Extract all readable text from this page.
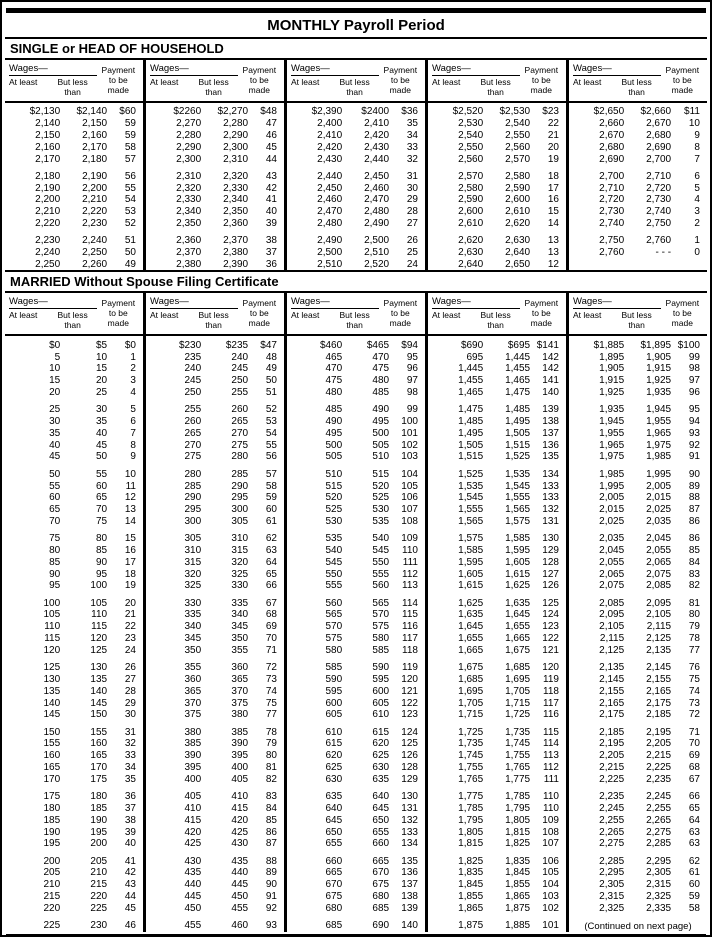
MONTHLY Payroll Period
SINGLE or HEAD OF HOUSEHOLD
Wages—
At least	But less
than
Payment
to be
made
$2,130	$2,140	$60
2,140	2,150	59
2,150	2,160	59
2,160	2,170	58
2,170	2,180	57
2,180	2,190	56
2,190	2,200	55
2,200	2,210	54
2,210	2,220	53
2,220	2,230	52
2,230	2,240	51
2,240	2,250	50
2,250	2,260	49
Wages—
At least	But less
than
Payment
to be
made
$2260	$2,270	$48
2,270	2,280	47
2,280	2,290	46
2,290	2,300	45
2,300	2,310	44
2,310	2,320	43
2,320	2,330	42
2,330	2,340	41
2,340	2,350	40
2,350	2,360	39
2,360	2,370	38
2,370	2,380	37
2,380	2,390	36
Wages—
At least	But less
than
Payment
to be
made
$2,390	$2400	$36
2,400	2,410	35
2,410	2,420	34
2,420	2,430	33
2,430	2,440	32
2,440	2,450	31
2,450	2,460	30
2,460	2,470	29
2,470	2,480	28
2,480	2,490	27
2,490	2,500	26
2,500	2,510	25
2,510	2,520	24
Wages—
At least	But less
than
Payment
to be
made
$2,520	$2,530	$23
2,530	2,540	22
2,540	2,550	21
2,550	2,560	20
2,560	2,570	19
2,570	2,580	18
2,580	2,590	17
2,590	2,600	16
2,600	2,610	15
2,610	2,620	14
2,620	2,630	13
2,630	2,640	13
2,640	2,650	12
Wages—
At least	But less
than
Payment
to be
made
$2,650	$2,660	$11
2,660	2,670	10
2,670	2,680	9
2,680	2,690	8
2,690	2,700	7
2,700	2,710	6
2,710	2,720	5
2,720	2,730	4
2,730	2,740	3
2,740	2,750	2
2,750	2,760	1
2,760	- - -	0
MARRIED Without Spouse Filing Certificate
Wages—
At least	But less
than
Payment
to be
made
$0	$5	$0
5	10	1
10	15	2
15	20	3
20	25	4
25	30	5
30	35	6
35	40	7
40	45	8
45	50	9
50	55	10
55	60	11
60	65	12
65	70	13
70	75	14
75	80	15
80	85	16
85	90	17
90	95	18
95	100	19
100	105	20
105	110	21
110	115	22
115	120	23
120	125	24
125	130	26
130	135	27
135	140	28
140	145	29
145	150	30
150	155	31
155	160	32
160	165	33
165	170	34
170	175	35
175	180	36
180	185	37
185	190	38
190	195	39
195	200	40
200	205	41
205	210	42
210	215	43
215	220	44
220	225	45
225	230	46
Wages—
At least	But less
than
Payment
to be
made
$230	$235	$47
235	240	48
240	245	49
245	250	50
250	255	51
255	260	52
260	265	53
265	270	54
270	275	55
275	280	56
280	285	57
285	290	58
290	295	59
295	300	60
300	305	61
305	310	62
310	315	63
315	320	64
320	325	65
325	330	66
330	335	67
335	340	68
340	345	69
345	350	70
350	355	71
355	360	72
360	365	73
365	370	74
370	375	75
375	380	77
380	385	78
385	390	79
390	395	80
395	400	81
400	405	82
405	410	83
410	415	84
415	420	85
420	425	86
425	430	87
430	435	88
435	440	89
440	445	90
445	450	91
450	455	92
455	460	93
Wages—
At least	But less
than
Payment
to be
made
$460	$465	$94
465	470	95
470	475	96
475	480	97
480	485	98
485	490	99
490	495	100
495	500	101
500	505	102
505	510	103
510	515	104
515	520	105
520	525	106
525	530	107
530	535	108
535	540	109
540	545	110
545	550	111
550	555	112
555	560	113
560	565	114
565	570	115
570	575	116
575	580	117
580	585	118
585	590	119
590	595	120
595	600	121
600	605	122
605	610	123
610	615	124
615	620	125
620	625	126
625	630	128
630	635	129
635	640	130
640	645	131
645	650	132
650	655	133
655	660	134
660	665	135
665	670	136
670	675	137
675	680	138
680	685	139
685	690	140
Wages—
At least	But less
than
Payment
to be
made
$690	$695 $141
695	1,445	142
1,445	1,455	142
1,455	1,465	141
1,465	1,475	140
1,475	1,485	139
1,485	1,495	138
1,495	1,505	137
1,505	1,515	136
1,515	1,525	135
1,525	1,535	134
1,535	1,545	133
1,545	1,555	133
1,555	1,565	132
1,565	1,575	131
1,575	1,585	130
1,585	1,595	129
1,595	1,605	128
1,605	1,615	127
1,615	1,625	126
1,625	1,635	125
1,635	1,645	124
1,645	1,655	123
1,655	1,665	122
1,665	1,675	121
1,675	1,685	120
1,685	1,695	119
1,695	1,705	118
1,705	1,715	117
1,715	1,725	116
1,725	1,735	115
1,735	1,745	114
1,745	1,755	113
1,755	1,765	112
1,765	1,775	111
1,775	1,785	110
1,785	1,795	110
1,795	1,805	109
1,805	1,815	108
1,815	1,825	107
1,825	1,835	106
1,835	1,845	105
1,845	1,855	104
1,855	1,865	103
1,865	1,875	102
1,875	1,885	101
Wages—
At least	But less
than
Payment
to be
made
$1,885	$1,895 $100
1,895	1,905	99
1,905	1,915	98
1,915	1,925	97
1,925	1,935	96
1,935	1,945	95
1,945	1,955	94
1,955	1,965	93
1,965	1,975	92
1,975	1,985	91
1,985	1,995	90
1,995	2,005	89
2,005	2,015	88
2,015	2,025	87
2,025	2,035	86
2,035	2,045	86
2,045	2,055	85
2,055	2,065	84
2,065	2,075	83
2,075	2,085	82
2,085	2,095	81
2,095	2,105	80
2,105	2,115	79
2,115	2,125	78
2,125	2,135	77
2,135	2,145	76
2,145	2,155	75
2,155	2,165	74
2,165	2,175	73
2,175	2,185	72
2,185	2,195	71
2,195	2,205	70
2,205	2,215	69
2,215	2,225	68
2,225	2,235	67
2,235	2,245	66
2,245	2,255	65
2,255	2,265	64
2,265	2,275	63
2,275	2,285	63
2,285	2,295	62
2,295	2,305	61
2,305	2,315	60
2,315	2,325	59
2,325	2,335	58
(Continued on next page)
